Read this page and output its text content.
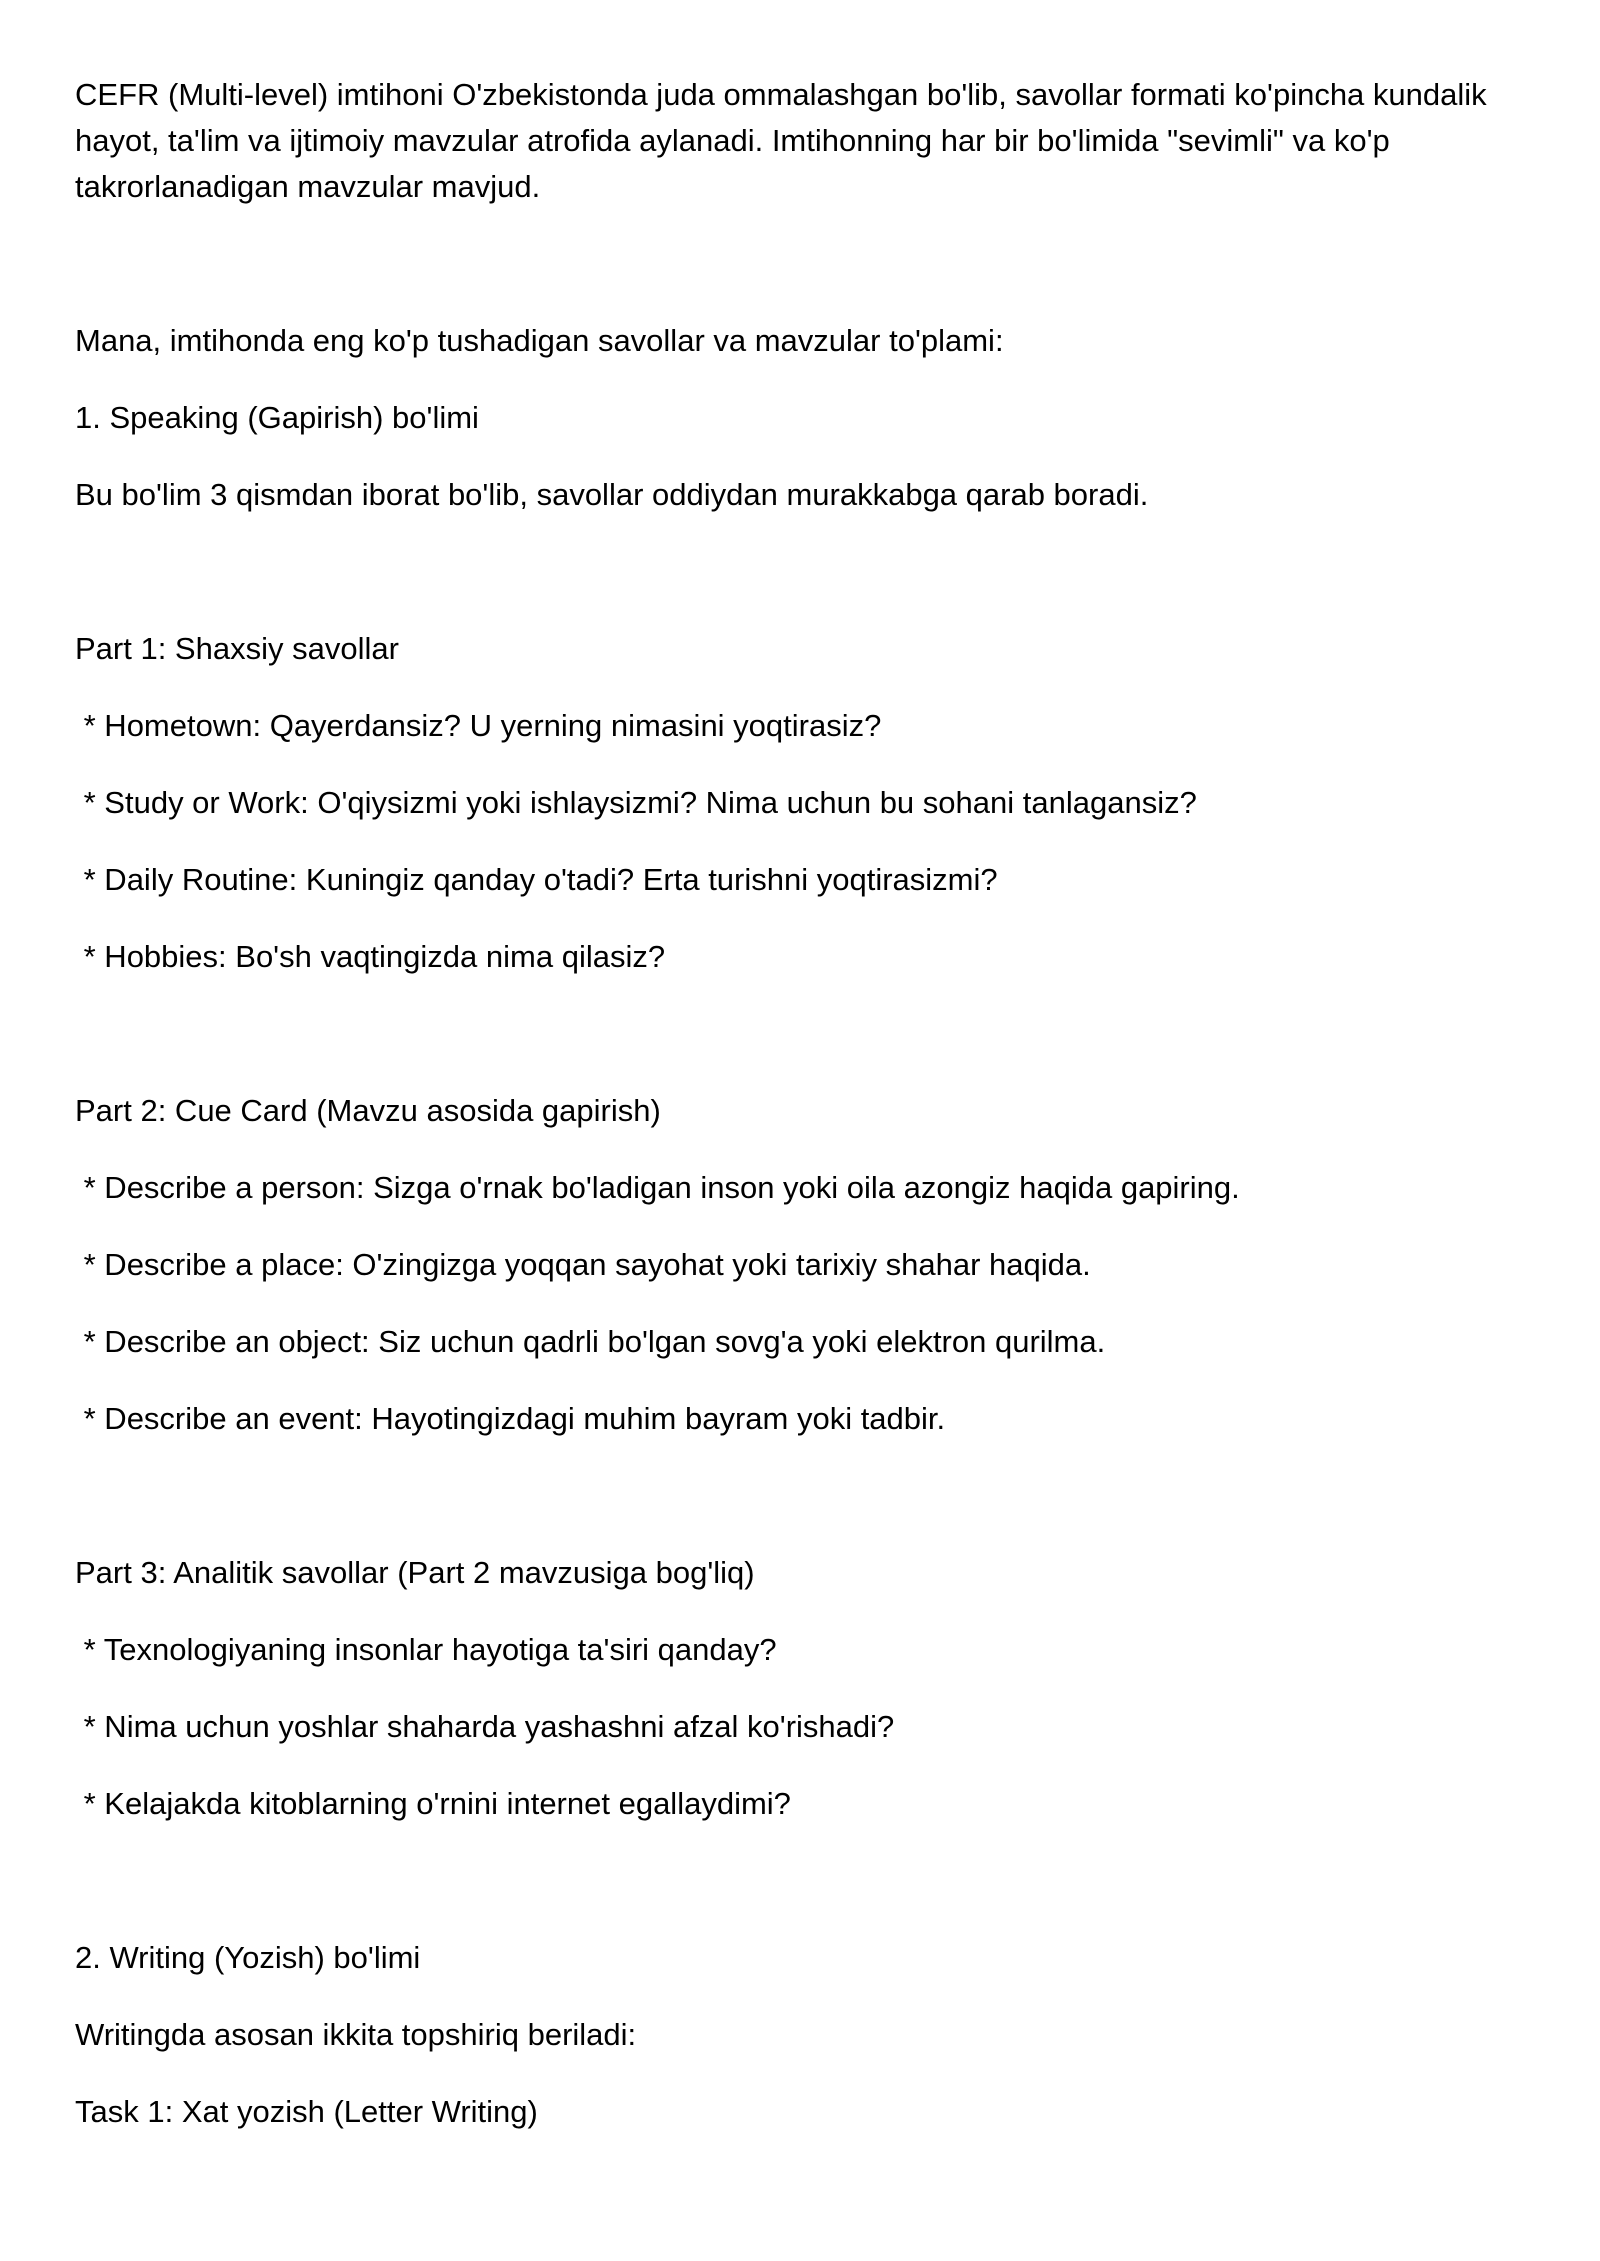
CEFR (Multi-level) imtihoni O'zbekistonda juda ommalashgan bo'lib, savollar formati ko'pincha kundalik hayot, ta'lim va ijtimoiy mavzular atrofida aylanadi. Imtihonning har bir bo'limida "sevimli" va ko'p takrorlanadigan mavzular mavjud.

Mana, imtihonda eng ko'p tushadigan savollar va mavzular to'plami:

1. Speaking (Gapirish) bo'limi

Bu bo'lim 3 qismdan iborat bo'lib, savollar oddiydan murakkabga qarab boradi.

Part 1: Shaxsiy savollar

* Hometown: Qayerdansiz? U yerning nimasini yoqtirasiz?

* Study or Work: O'qiysizmi yoki ishlaysizmi? Nima uchun bu sohani tanlagansiz?

* Daily Routine: Kuningiz qanday o'tadi? Erta turishni yoqtirasizmi?

* Hobbies: Bo'sh vaqtingizda nima qilasiz?

Part 2: Cue Card (Mavzu asosida gapirish)

* Describe a person: Sizga o'rnak bo'ladigan inson yoki oila azongiz haqida gapiring.

* Describe a place: O'zingizga yoqqan sayohat yoki tarixiy shahar haqida.

* Describe an object: Siz uchun qadrli bo'lgan sovg'a yoki elektron qurilma.

* Describe an event: Hayotingizdagi muhim bayram yoki tadbir.

Part 3: Analitik savollar (Part 2 mavzusiga bog'liq)

* Texnologiyaning insonlar hayotiga ta'siri qanday?

* Nima uchun yoshlar shaharda yashashni afzal ko'rishadi?

* Kelajakda kitoblarning o'rnini internet egallaydimi?

2. Writing (Yozish) bo'limi

Writingda asosan ikkita topshiriq beriladi:

Task 1: Xat yozish (Letter Writing)
